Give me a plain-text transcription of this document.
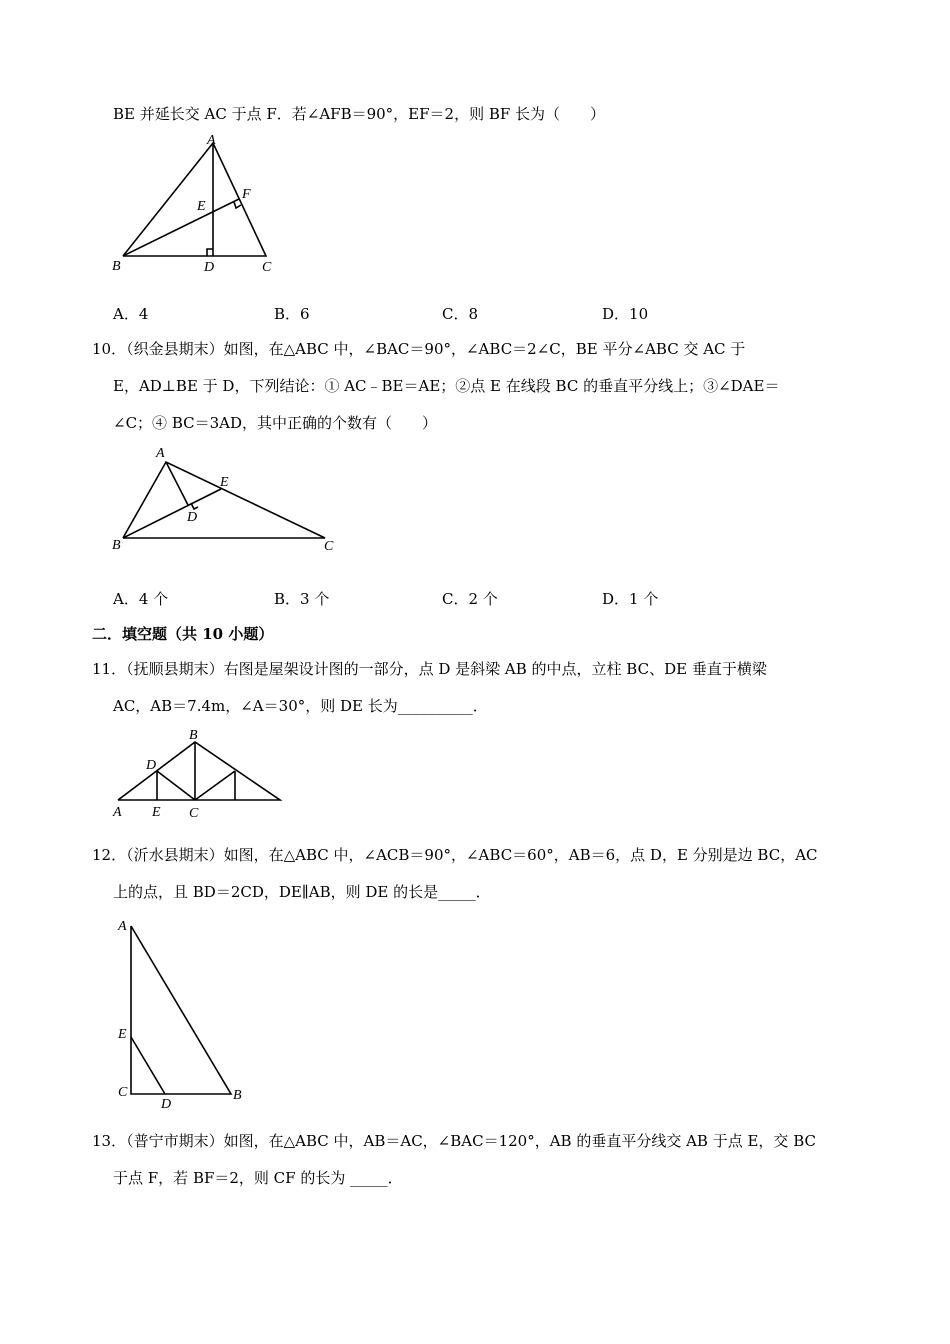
BE 并延长交 AC 于点 F．若∠AFB＝90°，EF＝2，则 BF 长为（　　）
A
E
F
B	D	C
A．4	B．6	C．8	D．10
10．（织金县期末）如图，在△ABC 中，∠BAC＝90°，∠ABC＝2∠C，BE 平分∠ABC 交 AC 于
E，AD⊥BE 于 D，下列结论：① AC﹣BE＝AE；②点 E 在线段 BC 的垂直平分线上；③∠DAE＝
∠C；④ BC＝3AD，其中正确的个数有（　　）
A
E
D
B	C
A．4 个	B．3 个	C．2 个	D．1 个
二．填空题（共 10 小题）
11．（抚顺县期末）右图是屋架设计图的一部分，点 D 是斜梁 AB 的中点，立柱 BC、DE 垂直于横梁
AC，AB＝7.4m，∠A＝30°，则 DE 长为__________．
B
D
A E C
12．（沂水县期末）如图，在△ABC 中，∠ACB＝90°，∠ABC＝60°，AB＝6，点 D，E 分别是边 BC，AC
上的点，且 BD＝2CD，DE∥AB，则 DE 的长是_____．
A
E
C
D
B
13．（普宁市期末）如图，在△ABC 中，AB＝AC，∠BAC＝120°，AB 的垂直平分线交 AB 于点 E，交 BC
于点 F，若 BF＝2，则 CF 的长为 _____．
